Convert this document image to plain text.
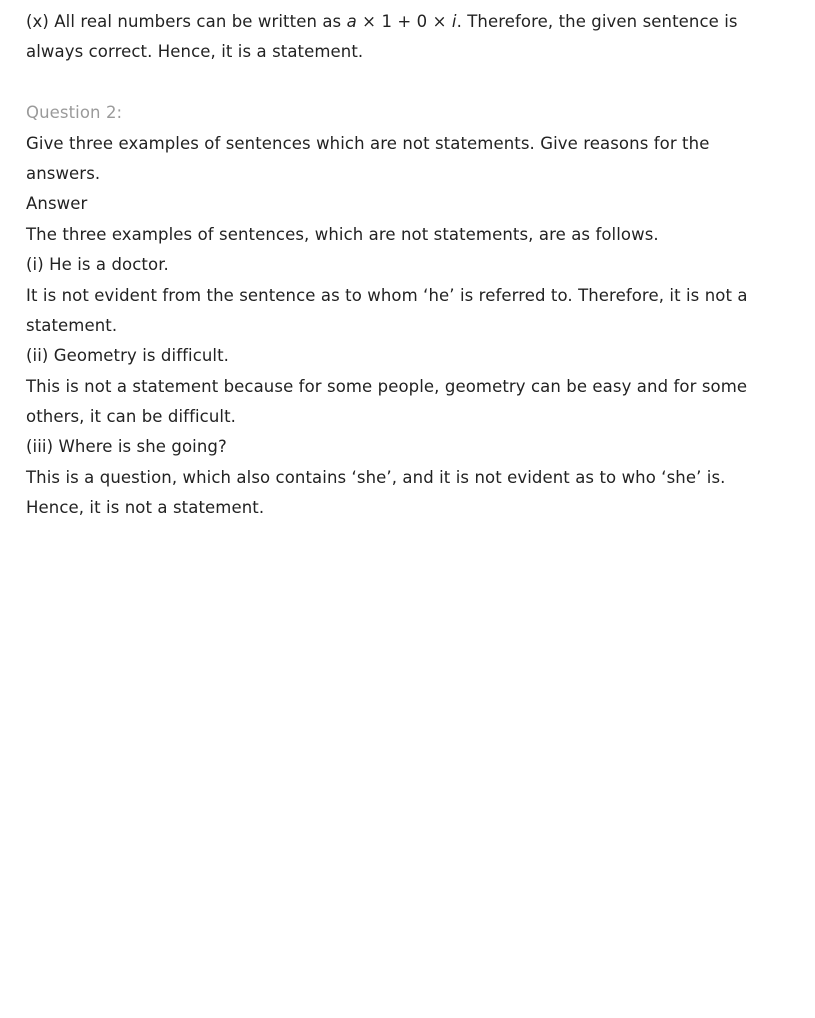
(x) All real numbers can be written as a × 1 + 0 × i. Therefore, the given sentence is
always correct. Hence, it is a statement.
Question 2:
Give three examples of sentences which are not statements. Give reasons for the
answers.
Answer
The three examples of sentences, which are not statements, are as follows.
(i) He is a doctor.
It is not evident from the sentence as to whom ‘he’ is referred to. Therefore, it is not a
statement.
(ii) Geometry is difficult.
This is not a statement because for some people, geometry can be easy and for some
others, it can be difficult.
(iii) Where is she going?
This is a question, which also contains ‘she’, and it is not evident as to who ‘she’ is.
Hence, it is not a statement.
